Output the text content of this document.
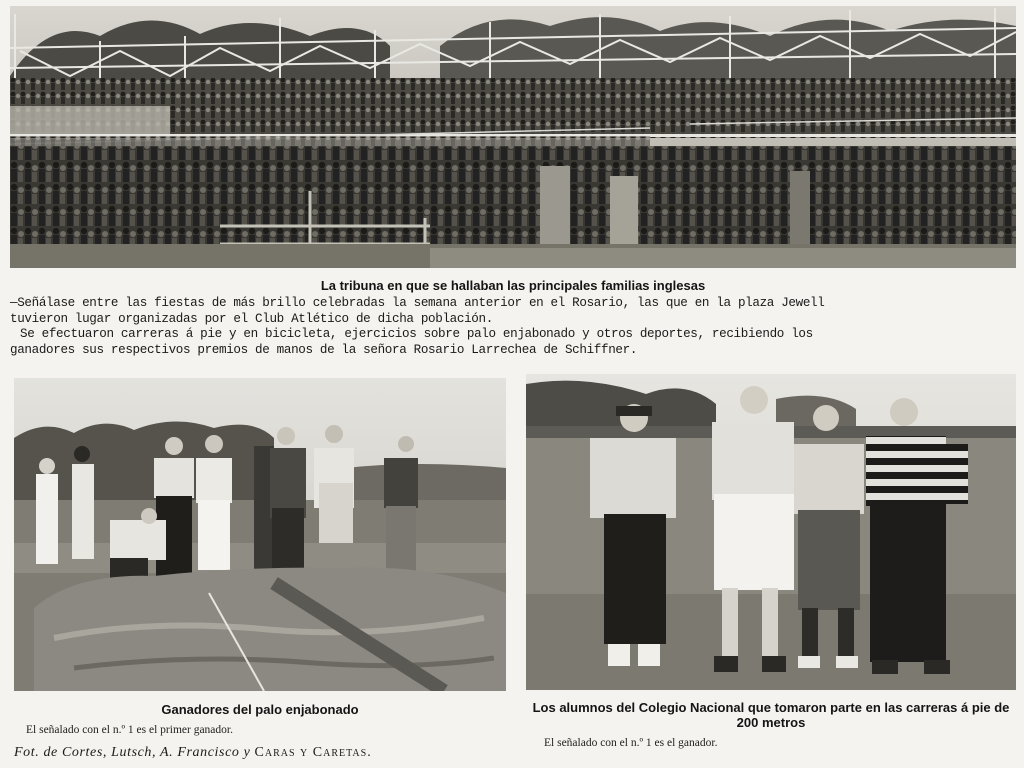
La tribuna en que se hallaban las principales familias inglesas

—Señálase entre las fiestas de más brillo celebradas la semana anterior en el Rosario, las que en la plaza Jewell

tuvieron lugar organizadas por el Club Atlético de dicha población.

Se efectuaron carreras á pie y en bicicleta, ejercicios sobre palo enjabonado y otros deportes, recibiendo los

ganadores sus respectivos premios de manos de la señora Rosario Larrechea de Schiffner.

Ganadores del palo enjabonado
El señalado con el n.º 1 es el primer ganador.
Fot. de Cortes, Lutsch, A. Francisco y Caras y Caretas.
Los alumnos del Colegio Nacional que tomaron parte en las carreras á pie de 200 metros
El señalado con el n.º 1 es el ganador.
